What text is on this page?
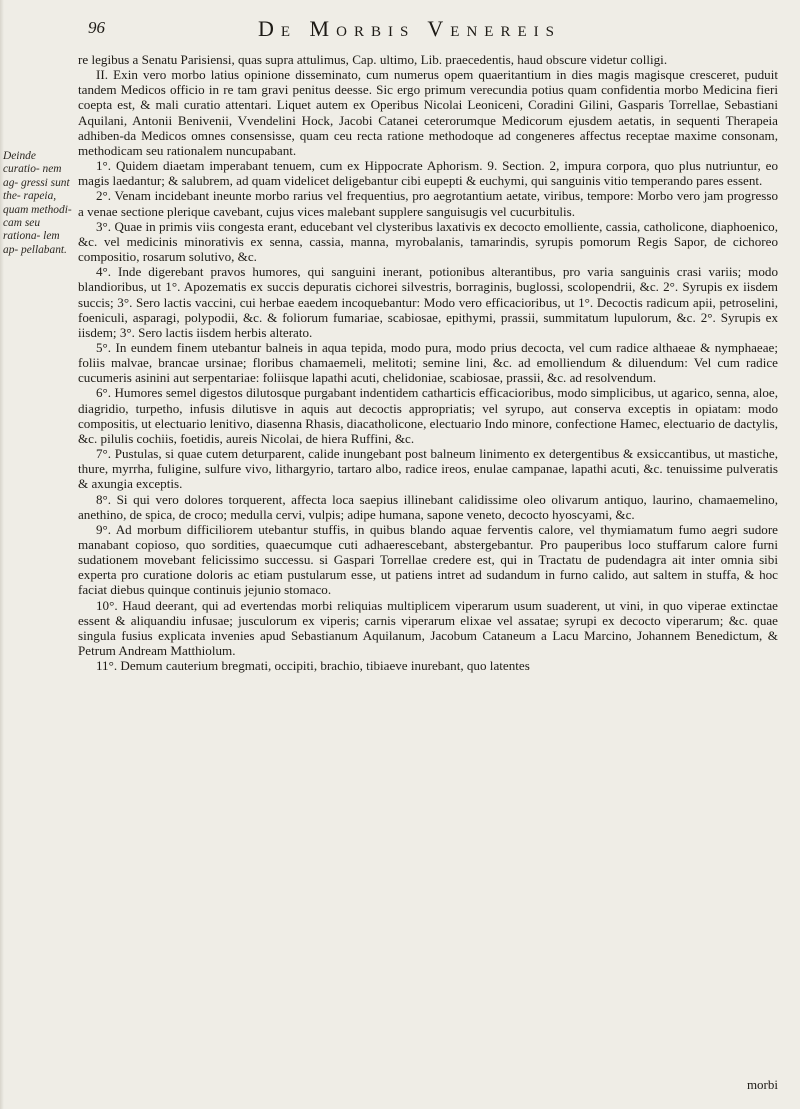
96	De Morbis Venereis
Deinde curatio- nem ag- gressi sunt the- rapeia, quam methodi- cam seu rationa- lem ap- pellabant.

re legibus a Senatu Parisiensi, quas supra attulimus, Cap. ultimo, Lib. praecedentis, haud obscure videtur colligi.

II. Exin vero morbo latius opinione disseminato, cum numerus opem quaeritantium in dies magis magisque cresceret, puduit tandem Medicos officio in re tam gravi penitus deesse. Sic ergo primum verecundia potius quam confidentia morbo Medicina fieri coepta est, & mali curatio attentari. Liquet autem ex Operibus Nicolai Leoniceni, Coradini Gilini, Gasparis Torrellae, Sebastiani Aquilani, Antonii Benivenii, Vvendelini Hock, Jacobi Catanei ceterorumque Medicorum ejusdem aetatis, in sequenti Therapeia adhiben-da Medicos omnes consensisse, quam ceu recta ratione methodoque ad congeneres affectus receptae maxime consonam, methodicam seu rationalem nuncupabant.

1°. Quidem diaetam imperabant tenuem, cum ex Hippocrate Aphorism. 9. Section. 2, impura corpora, quo plus nutriuntur, eo magis laedantur; & salubrem, ad quam videlicet deligebantur cibi eupepti & euchymi, qui sanguinis vitio temperando pares essent.

2°. Venam incidebant ineunte morbo rarius vel frequentius, pro aegrotantium aetate, viribus, tempore: Morbo vero jam progresso a venae sectione plerique cavebant, cujus vices malebant supplere sanguisugis vel cucurbitulis.

3°. Quae in primis viis congesta erant, educebant vel clysteribus laxativis ex decocto emolliente, cassia, catholicone, diaphoenico, &c. vel medicinis minorativis ex senna, cassia, manna, myrobalanis, tamarindis, syrupis pomorum Regis Sapor, de cichoreo compositio, rosarum solutivo, &c.

4°. Inde digerebant pravos humores, qui sanguini inerant, potionibus alterantibus, pro varia sanguinis crasi variis; modo blandioribus, ut 1°. Apozematis ex succis depuratis cichorei silvestris, borraginis, buglossi, scolopendrii, &c. 2°. Syrupis ex iisdem succis; 3°. Sero lactis vaccini, cui herbae eaedem incoquebantur: Modo vero efficacioribus, ut 1°. Decoctis radicum apii, petroselini, foeniculi, asparagi, polypodii, &c. & foliorum fumariae, scabiosae, epithymi, prassii, summitatum lupulorum, &c. 2°. Syrupis ex iisdem; 3°. Sero lactis iisdem herbis alterato.

5°. In eundem finem utebantur balneis in aqua tepida, modo pura, modo prius decocta, vel cum radice althaeae & nymphaeae; foliis malvae, brancae ursinae; floribus chamaemeli, melitoti; semine lini, &c. ad emolliendum & diluendum: Vel cum radice cucumeris asinini aut serpentariae: foliisque lapathi acuti, chelidoniae, scabiosae, prassii, &c. ad resolvendum.

6°. Humores semel digestos dilutosque purgabant indentidem catharticis efficacioribus, modo simplicibus, ut agarico, senna, aloe, diagridio, turpetho, infusis dilutisve in aquis aut decoctis appropriatis; vel syrupo, aut conserva exceptis in opiatam: modo compositis, ut electuario lenitivo, diasenna Rhasis, diacatholicone, electuario Indo minore, confectione Hamec, electuario de dactylis, &c. pilulis cochiis, foetidis, aureis Nicolai, de hiera Ruffini, &c.

7°. Pustulas, si quae cutem deturparent, calide inungebant post balneum linimento ex detergentibus & exsiccantibus, ut mastiche, thure, myrrha, fuligine, sulfure vivo, lithargyrio, tartaro albo, radice ireos, enulae campanae, lapathi acuti, &c. tenuissime pulveratis & axungia exceptis.

8°. Si qui vero dolores torquerent, affecta loca saepius illinebant calidissime oleo olivarum antiquo, laurino, chamaemelino, anethino, de spica, de croco; medulla cervi, vulpis; adipe humana, sapone veneto, decocto hyoscyami, &c.

9°. Ad morbum difficiliorem utebantur stuffis, in quibus blando aquae ferventis calore, vel thymiamatum fumo aegri sudore manabant copioso, quo sordities, quaecumque cuti adhaerescebant, abstergebantur. Pro pauperibus loco stuffarum calore furni sudationem movebant felicissimo successu. si Gaspari Torrellae credere est, qui in Tractatu de pudendagra ait inter omnia sibi experta pro curatione doloris ac etiam pustularum esse, ut patiens intret ad sudandum in furno calido, aut saltem in stuffa, & hoc faciat diebus quinque continuis jejunio stomaco.

10°. Haud deerant, qui ad evertendas morbi reliquias multiplicem viperarum usum suaderent, ut vini, in quo viperae extinctae essent & aliquandiu infusae; jusculorum ex viperis; carnis viperarum elixae vel assatae; syrupi ex decocto viperarum; &c. quae singula fusius explicata invenies apud Sebastianum Aquilanum, Jacobum Cataneum a Lacu Marcino, Johannem Benedictum, & Petrum Andream Matthiolum.

11°. Demum cauterium bregmati, occipiti, brachio, tibiaeve inurebant, quo latentes

morbi
